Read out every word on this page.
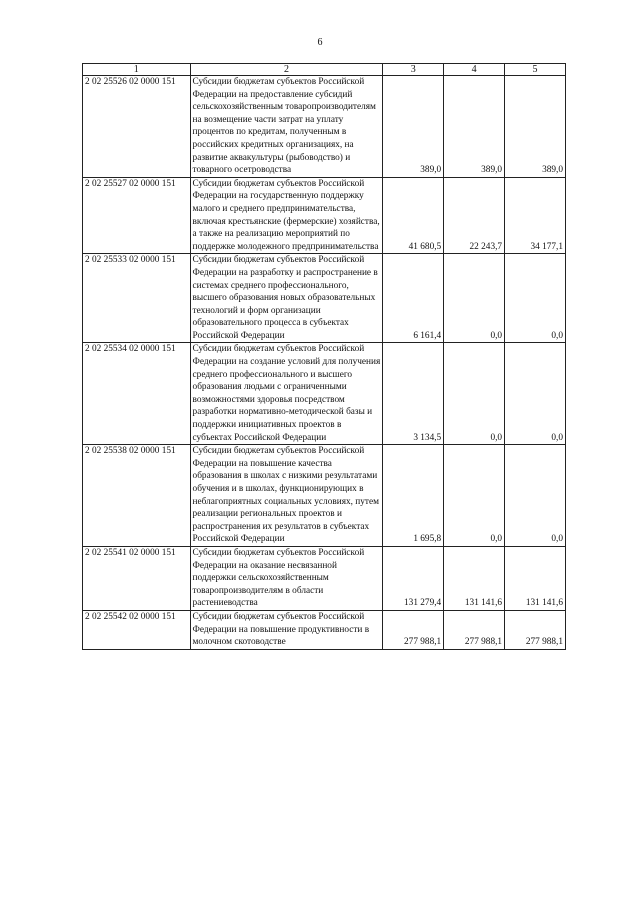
6
1	2	3	4	5
2 02 25526 02 0000 151	Субсидии бюджетам субъектов Российской Федерации на предоставление субсидий сельскохозяйственным товаропроизводителям на возмещение части затрат на уплату процентов по кредитам, полученным в российских кредитных организациях, на развитие аквакультуры (рыбоводство) и товарного осетроводства	389,0	389,0	389,0
2 02 25527 02 0000 151	Субсидии бюджетам субъектов Российской Федерации на государственную поддержку малого и среднего предпринимательства, включая крестьянские (фермерские) хозяйства, а также на реализацию мероприятий по поддержке молодежного предпринимательства	41 680,5	22 243,7	34 177,1
2 02 25533 02 0000 151	Субсидии бюджетам субъектов Российской Федерации на разработку и распространение в системах среднего профессионального, высшего образования новых образовательных технологий и форм организации образовательного процесса в субъектах Российской Федерации	6 161,4	0,0	0,0
2 02 25534 02 0000 151	Субсидии бюджетам субъектов Российской Федерации на создание условий для получения среднего профессионального и высшего образования людьми с ограниченными возможностями здоровья посредством разработки нормативно-методической базы и поддержки инициативных проектов в субъектах Российской Федерации	3 134,5	0,0	0,0
2 02 25538 02 0000 151	Субсидии бюджетам субъектов Российской Федерации на повышение качества образования в школах с низкими результатами обучения и в школах, функционирующих в неблагоприятных социальных условиях, путем реализации региональных проектов и распространения их результатов в субъектах Российской Федерации	1 695,8	0,0	0,0
2 02 25541 02 0000 151	Субсидии бюджетам субъектов Российской Федерации на оказание несвязанной поддержки сельскохозяйственным товаропроизводителям в области растениеводства	131 279,4	131 141,6	131 141,6
2 02 25542 02 0000 151	Субсидии бюджетам субъектов Российской Федерации на повышение продуктивности в молочном скотоводстве	277 988,1	277 988,1	277 988,1
